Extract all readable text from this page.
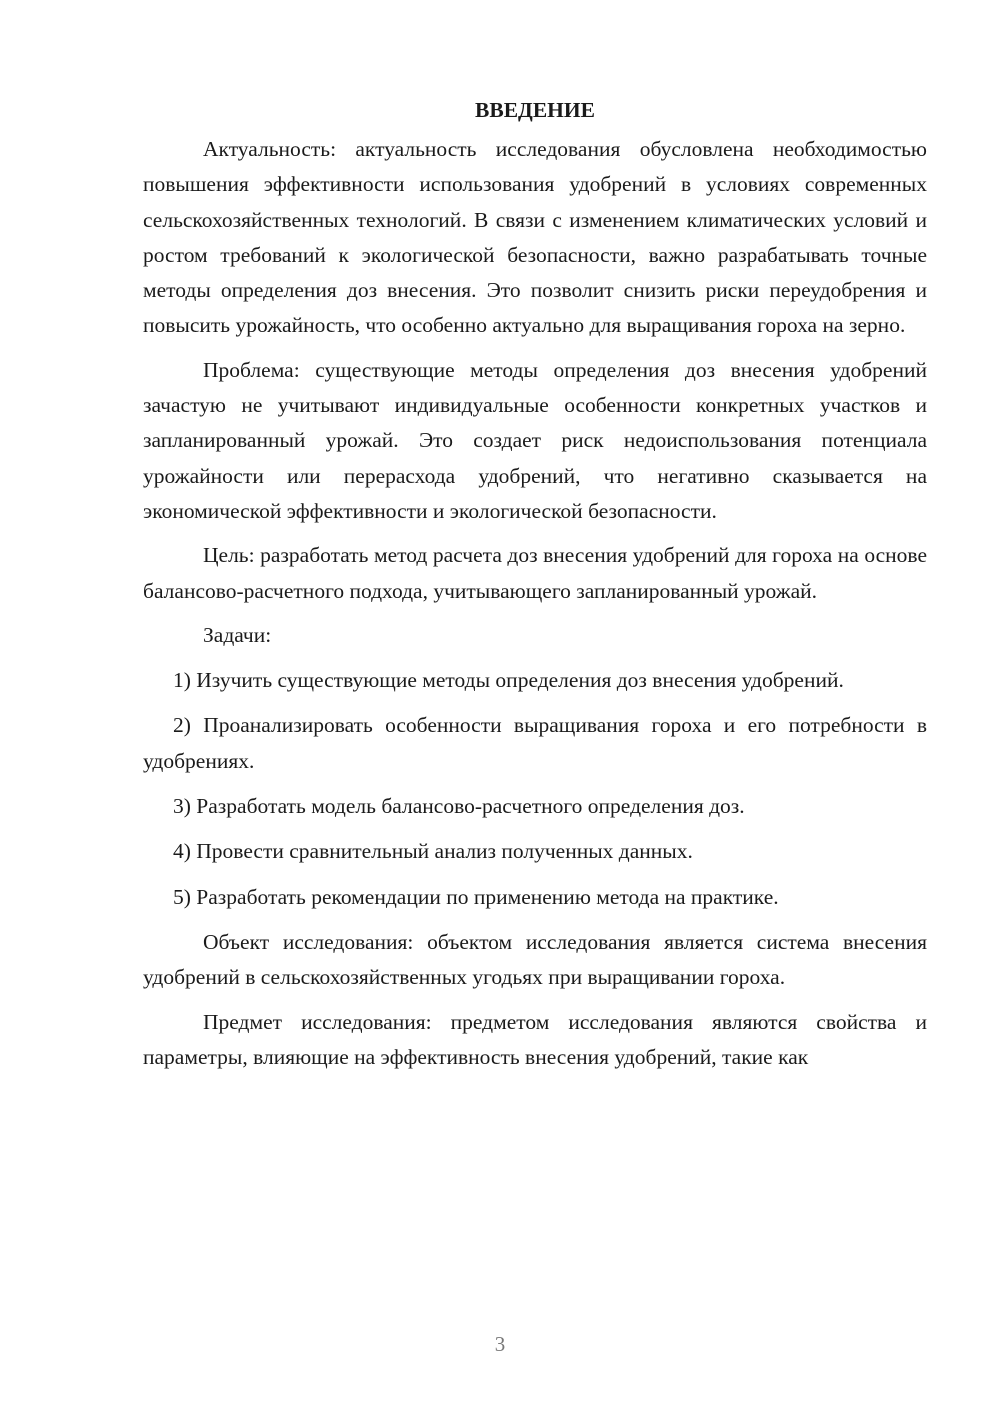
ВВЕДЕНИЕ

Актуальность: актуальность исследования обусловлена необходимостью повышения эффективности использования удобрений в условиях современных сельскохозяйственных технологий. В связи с изменением климатических условий и ростом требований к экологической безопасности, важно разрабатывать точные методы определения доз внесения. Это позволит снизить риски переудобрения и повысить урожайность, что особенно актуально для выращивания гороха на зерно.

Проблема: существующие методы определения доз внесения удобрений зачастую не учитывают индивидуальные особенности конкретных участков и запланированный урожай. Это создает риск недоиспользования потенциала урожайности или перерасхода удобрений, что негативно сказывается на экономической эффективности и экологической безопасности.

Цель: разработать метод расчета доз внесения удобрений для гороха на основе балансово-расчетного подхода, учитывающего запланированный урожай.

Задачи:

1) Изучить существующие методы определения доз внесения удобрений.

2) Проанализировать особенности выращивания гороха и его потребности в удобрениях.

3) Разработать модель балансово-расчетного определения доз.

4) Провести сравнительный анализ полученных данных.

5) Разработать рекомендации по применению метода на практике.

Объект исследования: объектом исследования является система внесения удобрений в сельскохозяйственных угодьях при выращивании гороха.

Предмет исследования: предметом исследования являются свойства и параметры, влияющие на эффективность внесения удобрений, такие как

3
